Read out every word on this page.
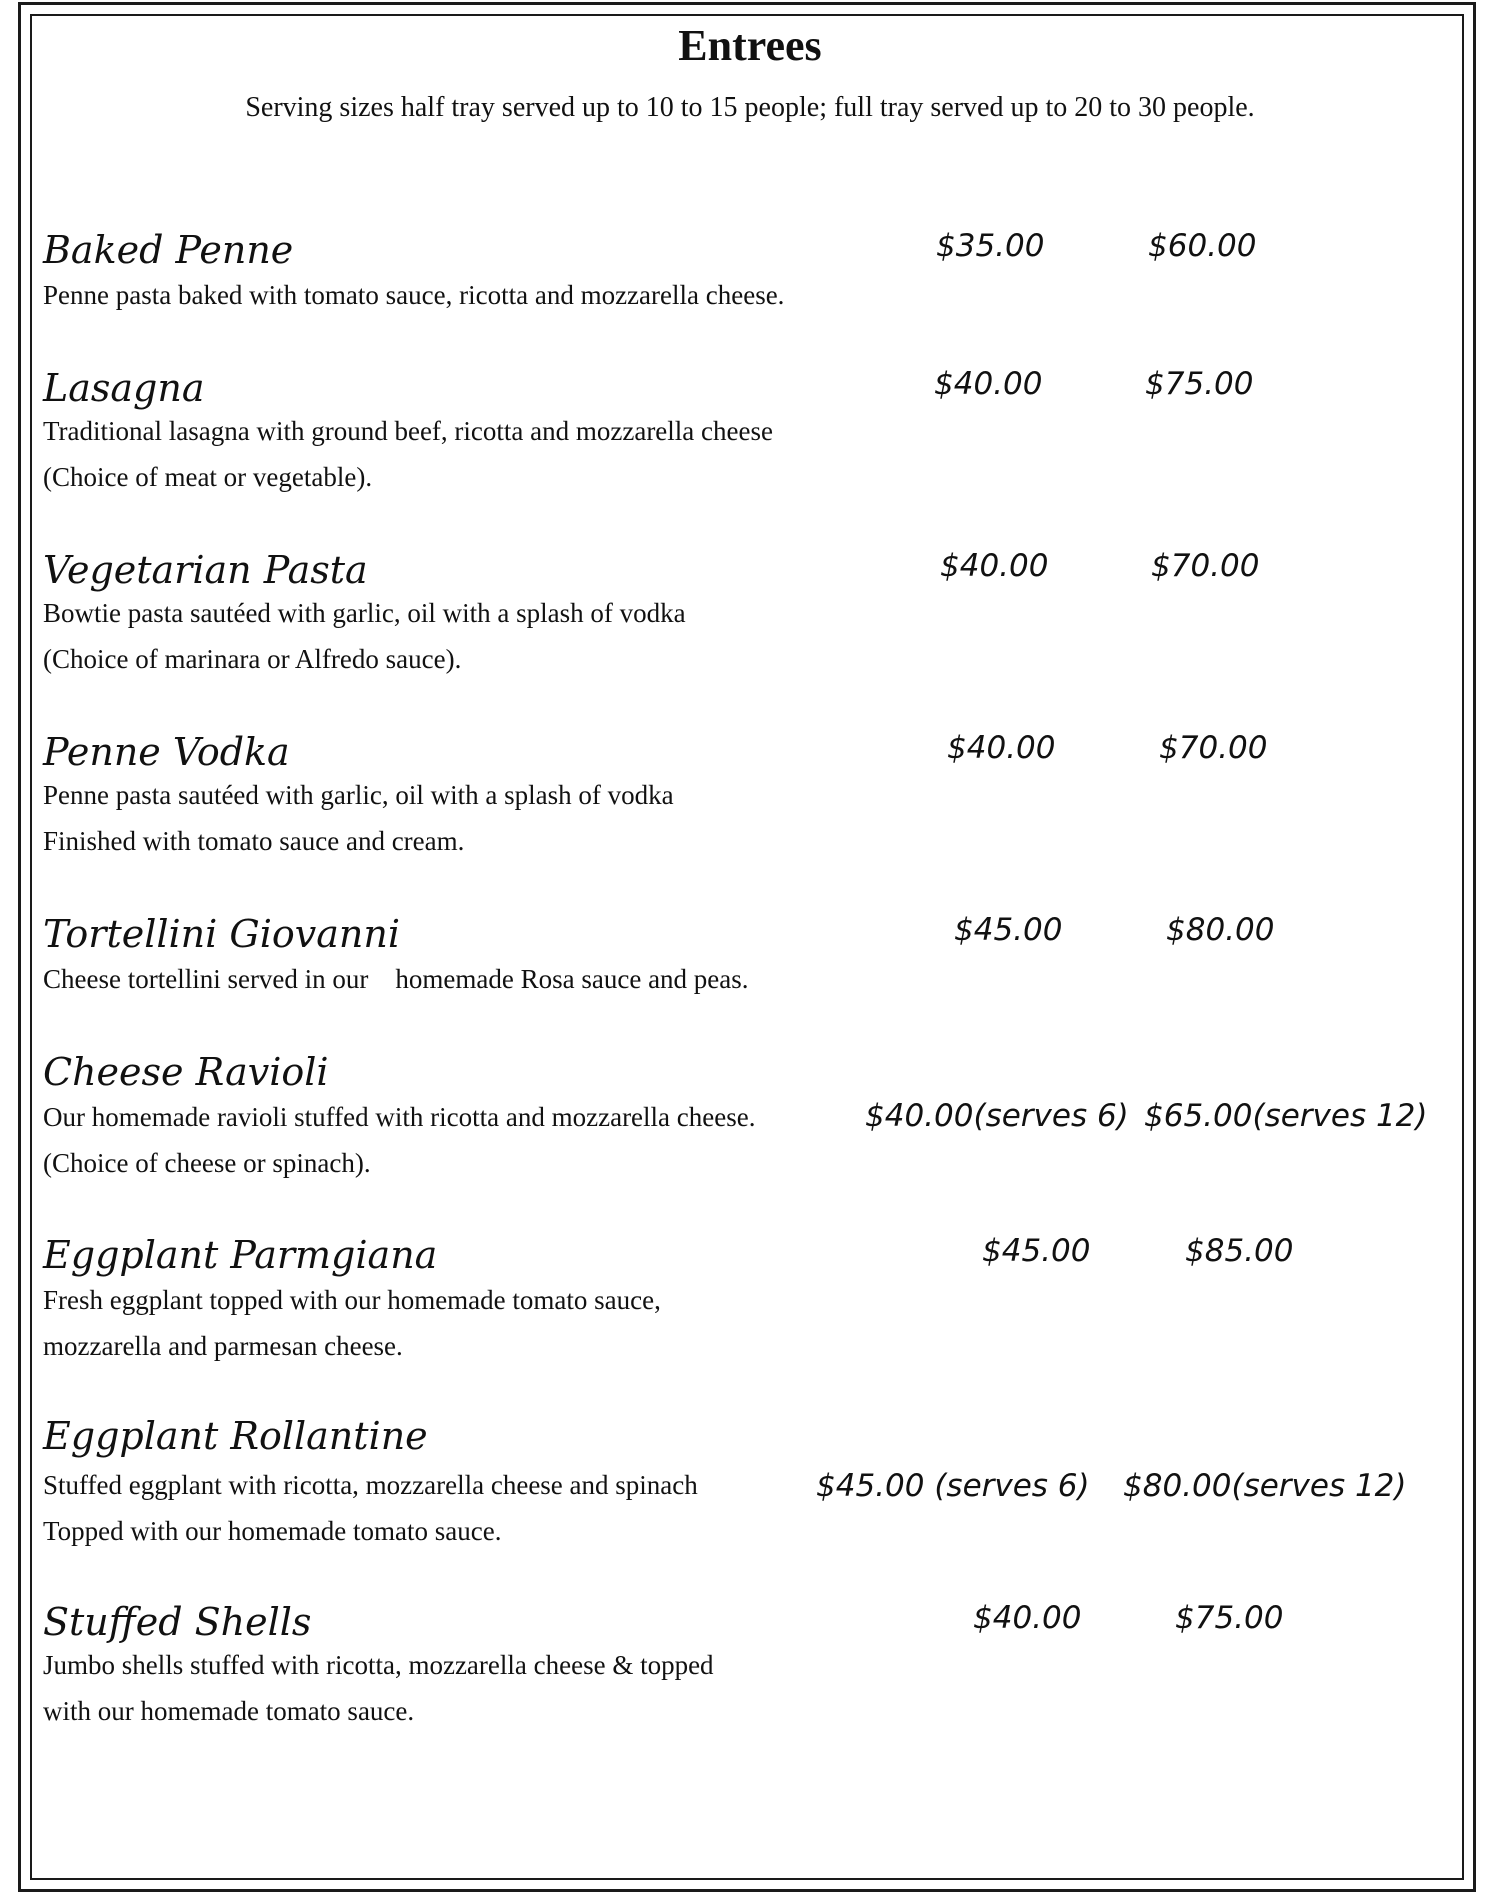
Entrees
Serving sizes half tray served up to 10 to 15 people; full tray served up to 20 to 30 people.
Baked Penne	$35.00	$60.00
Penne pasta baked with tomato sauce, ricotta and mozzarella cheese.
Lasagna	$40.00	$75.00
Traditional lasagna with ground beef, ricotta and mozzarella cheese
(Choice of meat or vegetable).
Vegetarian Pasta	$40.00	$70.00
Bowtie pasta sautéed with garlic, oil with a splash of vodka
(Choice of marinara or Alfredo sauce).
Penne Vodka	$40.00	$70.00
Penne pasta sautéed with garlic, oil with a splash of vodka
Finished with tomato sauce and cream.
Tortellini Giovanni	$45.00	$80.00
Cheese tortellini served in our    homemade Rosa sauce and peas.
Cheese Ravioli
$40.00(serves 6) $65.00(serves 12)
Our homemade ravioli stuffed with ricotta and mozzarella cheese.
(Choice of cheese or spinach).
Eggplant Parmgiana	$45.00	$85.00
Fresh eggplant topped with our homemade tomato sauce,
mozzarella and parmesan cheese.
Eggplant Rollantine
$45.00 (serves 6) $80.00(serves 12)
Stuffed eggplant with ricotta, mozzarella cheese and spinach
Topped with our homemade tomato sauce.
Stuffed Shells	$40.00	$75.00
Jumbo shells stuffed with ricotta, mozzarella cheese & topped
with our homemade tomato sauce.
